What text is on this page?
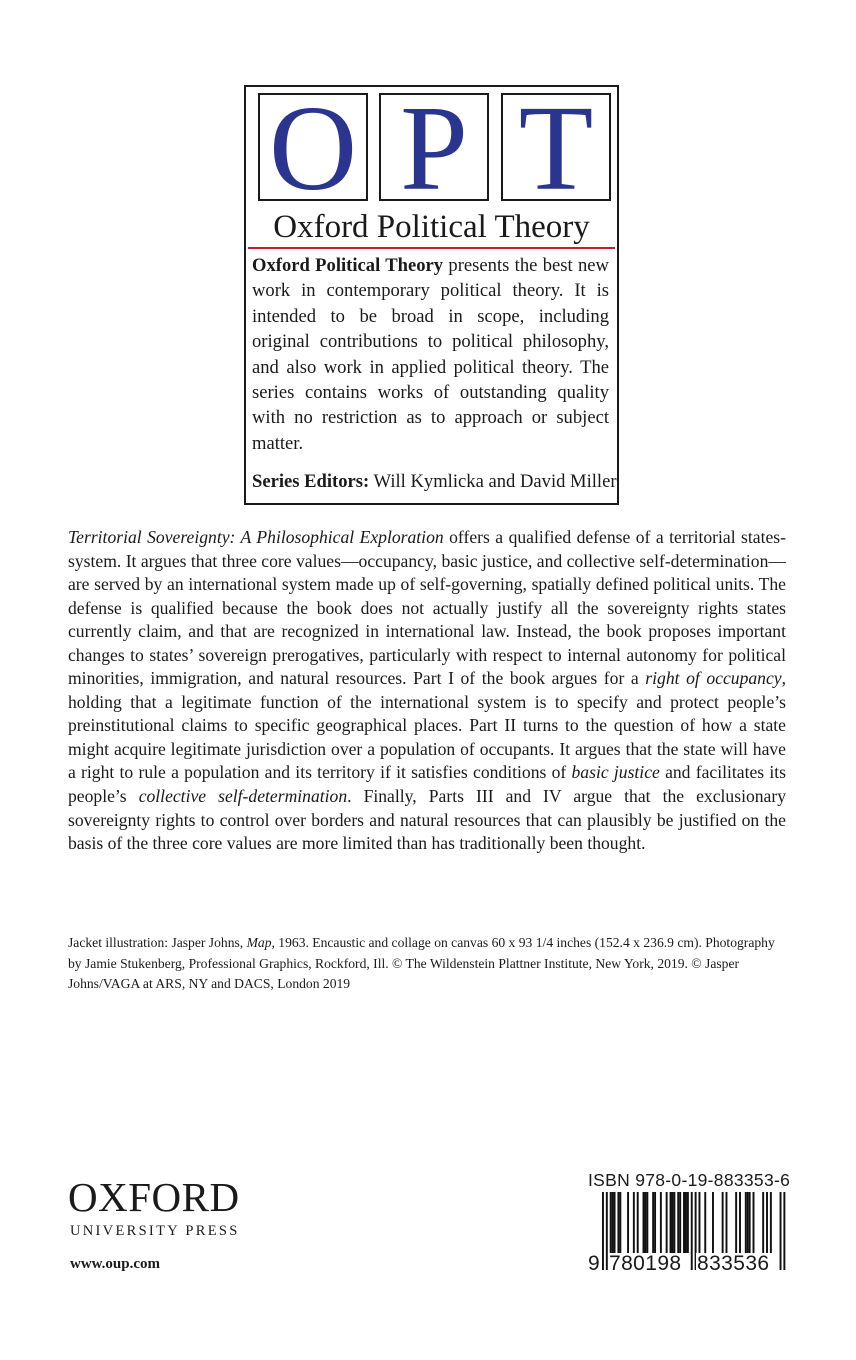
O P T
Oxford Political Theory

Oxford Political Theory presents the best new work in contemporary political theory. It is intended to be broad in scope, including original contributions to political philosophy, and also work in applied political theory. The series contains works of outstanding quality with no restriction as to approach or subject matter.

Series Editors: Will Kymlicka and David Miller

Territorial Sovereignty: A Philosophical Exploration offers a qualified defense of a territorial states-system. It argues that three core values—occupancy, basic justice, and collective self-determination—are served by an international system made up of self-governing, spatially defined political units. The defense is qualified because the book does not actually justify all the sovereignty rights states currently claim, and that are recognized in international law. Instead, the book proposes important changes to states’ sovereign prerogatives, particularly with respect to internal autonomy for political minorities, immigration, and natural resources. Part I of the book argues for a right of occupancy, holding that a legitimate function of the international system is to specify and protect people’s preinstitutional claims to specific geographical places. Part II turns to the question of how a state might acquire legitimate jurisdiction over a population of occupants. It argues that the state will have a right to rule a population and its territory if it satisfies conditions of basic justice and facilitates its people’s collective self-determination. Finally, Parts III and IV argue that the exclusionary sovereignty rights to control over borders and natural resources that can plausibly be justified on the basis of the three core values are more limited than has traditionally been thought.

Jacket illustration: Jasper Johns, Map, 1963. Encaustic and collage on canvas 60 x 93 1/4 inches (152.4 x 236.9 cm). Photography by Jamie Stukenberg, Professional Graphics, Rockford, Ill. © The Wildenstein Plattner Institute, New York, 2019. © Jasper Johns/VAGA at ARS, NY and DACS, London 2019

OXFORD
UNIVERSITY PRESS
www.oup.com
ISBN 978-0-19-883353-6
9 780198 833536
